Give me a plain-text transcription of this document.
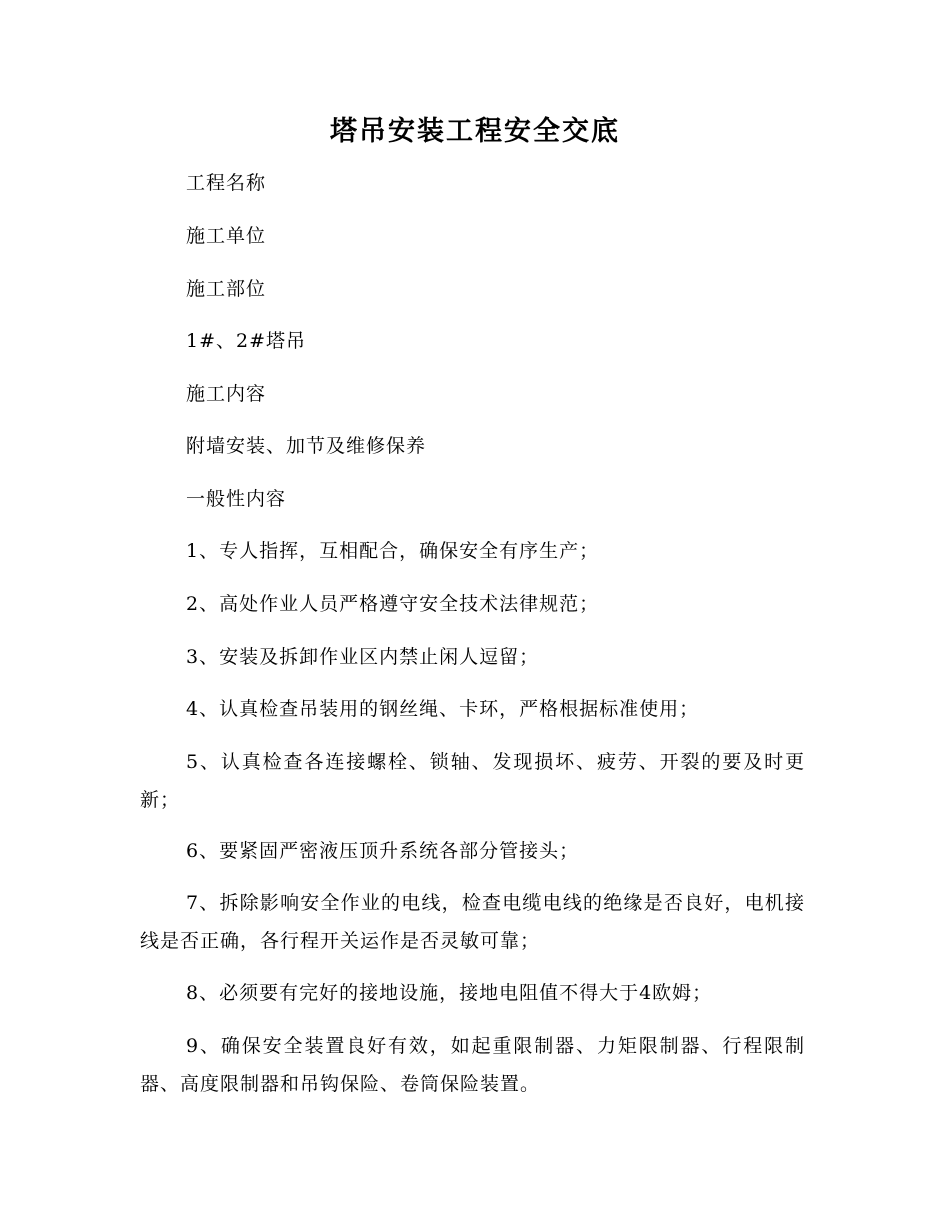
塔吊安装工程安全交底

工程名称

施工单位

施工部位

1#、2#塔吊

施工内容

附墙安装、加节及维修保养

一般性内容

1、专人指挥，互相配合，确保安全有序生产；

2、高处作业人员严格遵守安全技术法律规范；

3、安装及拆卸作业区内禁止闲人逗留；

4、认真检查吊装用的钢丝绳、卡环，严格根据标准使用；

5、认真检查各连接螺栓、锁轴、发现损坏、疲劳、开裂的要及时更新；

6、要紧固严密液压顶升系统各部分管接头；

7、拆除影响安全作业的电线，检查电缆电线的绝缘是否良好，电机接线是否正确，各行程开关运作是否灵敏可靠；

8、必须要有完好的接地设施，接地电阻值不得大于4欧姆；

9、确保安全装置良好有效，如起重限制器、力矩限制器、行程限制器、高度限制器和吊钩保险、卷筒保险装置。
